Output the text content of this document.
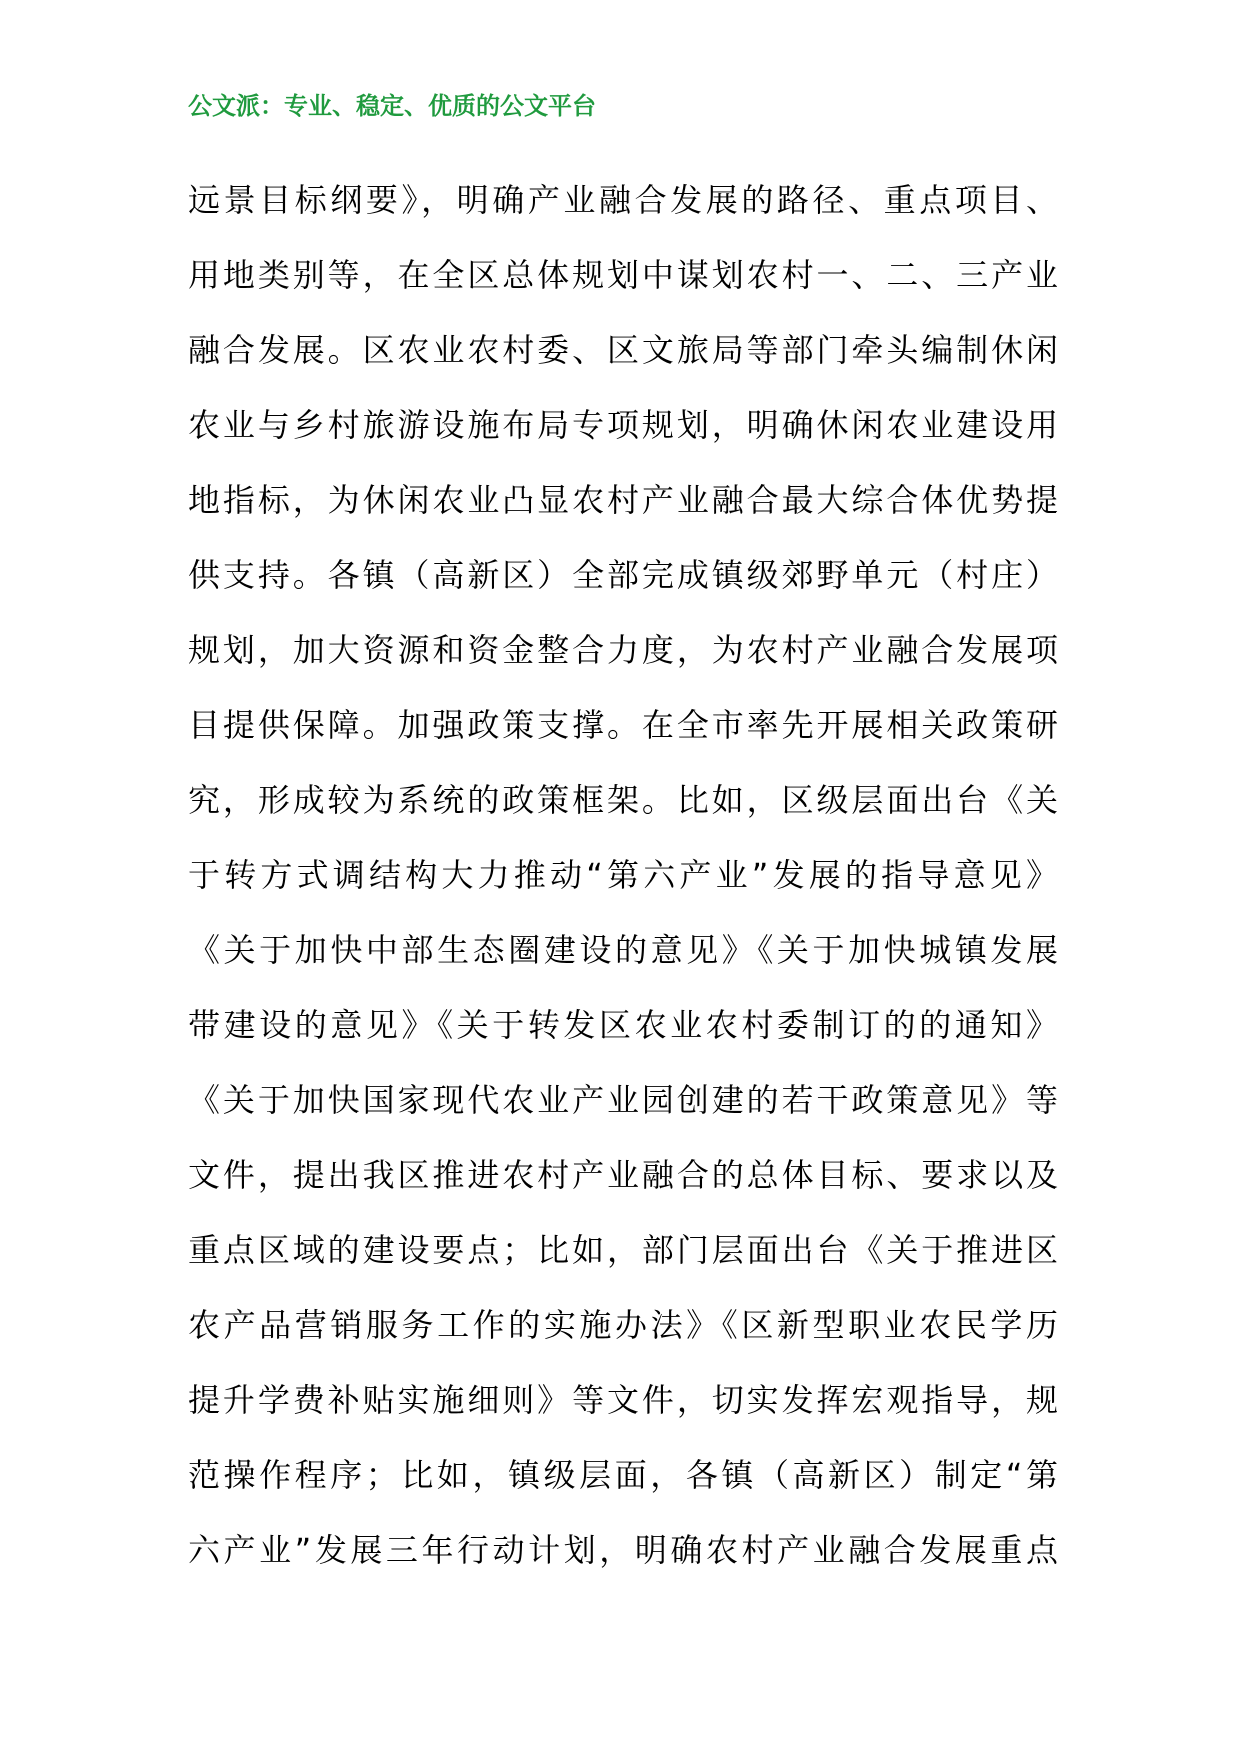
公文派：专业、稳定、优质的公文平台
远景目标纲要》，明确产业融合发展的路径、重点项目、
用地类别等，在全区总体规划中谋划农村一、二、三产业
融合发展。区农业农村委、区文旅局等部门牵头编制休闲
农业与乡村旅游设施布局专项规划，明确休闲农业建设用
地指标，为休闲农业凸显农村产业融合最大综合体优势提
供支持。各镇（高新区）全部完成镇级郊野单元（村庄）
规划，加大资源和资金整合力度，为农村产业融合发展项
目提供保障。加强政策支撑。在全市率先开展相关政策研
究，形成较为系统的政策框架。比如，区级层面出台《关
于转方式调结构大力推动“第六产业”发展的指导意见》
《关于加快中部生态圈建设的意见》《关于加快城镇发展
带建设的意见》《关于转发区农业农村委制订的的通知》
《关于加快国家现代农业产业园创建的若干政策意见》等
文件，提出我区推进农村产业融合的总体目标、要求以及
重点区域的建设要点；比如，部门层面出台《关于推进区
农产品营销服务工作的实施办法》《区新型职业农民学历
提升学费补贴实施细则》等文件，切实发挥宏观指导，规
范操作程序；比如，镇级层面，各镇（高新区）制定“第
六产业”发展三年行动计划，明确农村产业融合发展重点
